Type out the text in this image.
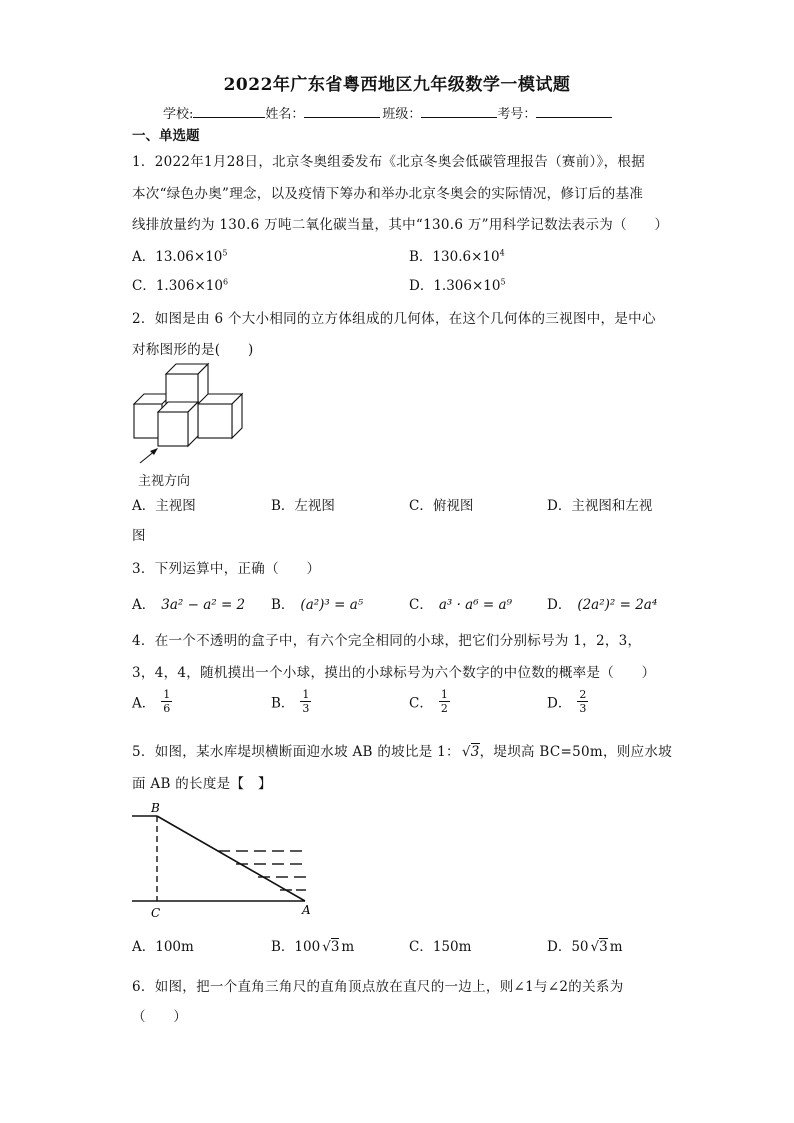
2022年广东省粤西地区九年级数学一模试题
学校:	姓名：	班级：	考号：
一、单选题
1．2022年1月28日，北京冬奥组委发布《北京冬奥会低碳管理报告（赛前）》，根据
本次“绿色办奥”理念，以及疫情下筹办和举办北京冬奥会的实际情况，修订后的基准
线排放量约为 130.6 万吨二氧化碳当量，其中“130.6 万”用科学记数法表示为（　　）
A．$13.06\times 10^5$	B．$130.6\times 10^4$
C．$1.306\times 10^6$	D．$1.306\times 10^5$
2．如图是由 6 个大小相同的立方体组成的几何体，在这个几何体的三视图中，是中心
对称图形的是(　　)
主视方向
A．主视图	B．左视图	C．俯视图	D．主视图和左视
图
3．下列运算中，正确（　　）
A． 3a² − a² = 2 B． (a²)³ = a⁵	C． a³ · a⁶ = a⁹	D． (2a²)² = 2a⁴
4．在一个不透明的盒子中，有六个完全相同的小球，把它们分别标号为 1，2，3，
3，4，4，随机摸出一个小球，摸出的小球标号为六个数字的中位数的概率是（　　）
A． $\frac{1}{6}$	B． $\frac{1}{3}$	C． $\frac{1}{2}$	D． $\frac{2}{3}$
5．如图，某水库堤坝横断面迎水坡 AB 的坡比是 1： √3，堤坝高 BC=50m，则应水坡
面 AB 的长度是【　】
B
C	A
A．100m	B．100 √3 m	C．150m	D．50 √3 m
6．如图，把一个直角三角尺的直角顶点放在直尺的一边上，则∠1与∠2的关系为
（　　）
